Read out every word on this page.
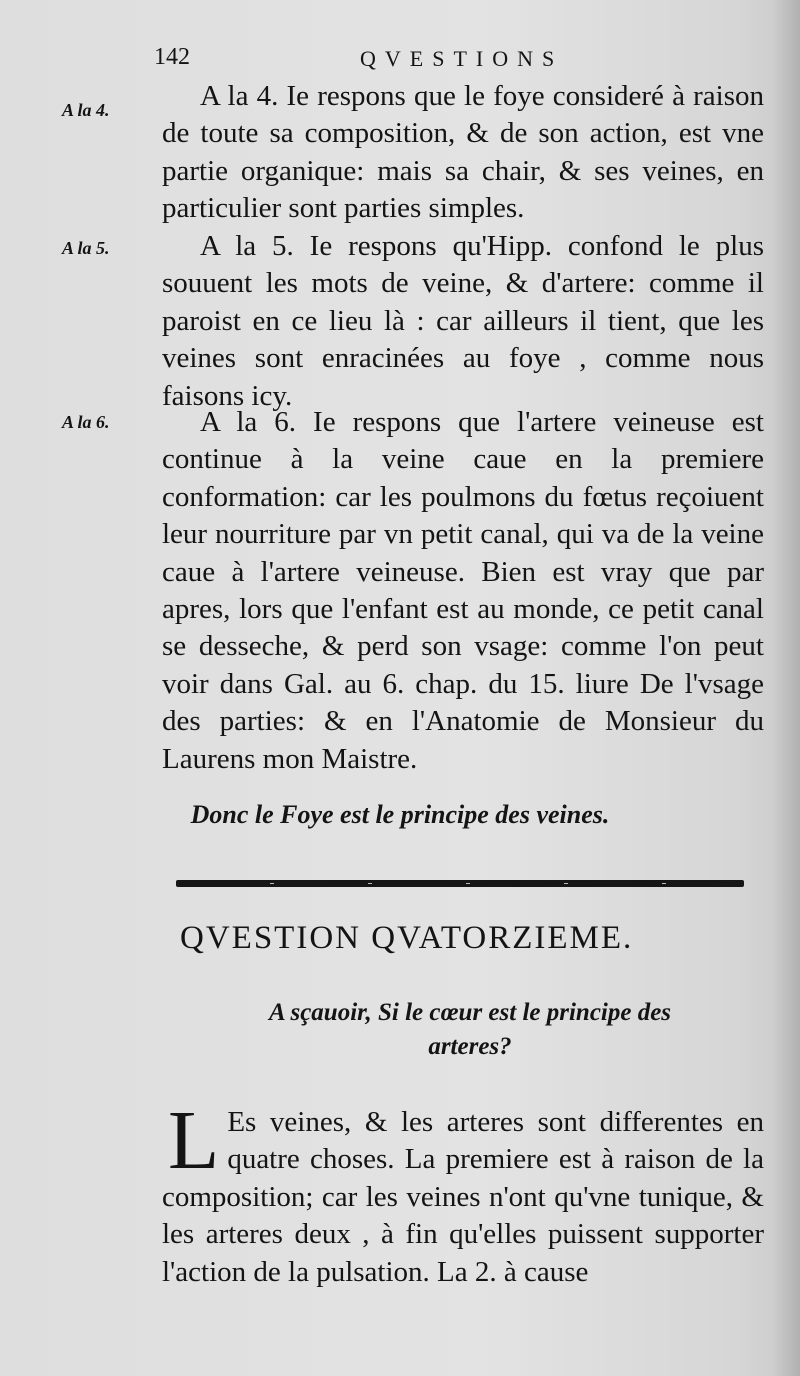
142	QVESTIONS
A la 4.
A la 5.
A la 6.

A la 4. Ie respons que le foye consideré à raison de toute sa composition, & de son action, est vne partie organique: mais sa chair, & ses veines, en particulier sont parties simples.

A la 5. Ie respons qu'Hipp. confond le plus souuent les mots de veine, & d'artere: comme il paroist en ce lieu là : car ailleurs il tient, que les veines sont enracinées au foye , comme nous faisons icy.

A la 6. Ie respons que l'artere veineuse est continue à la veine caue en la premiere conformation: car les poulmons du fœtus reçoiuent leur nourriture par vn petit canal, qui va de la veine caue à l'artere veineuse. Bien est vray que par apres, lors que l'enfant est au monde, ce petit canal se desseche, & perd son vsage: comme l'on peut voir dans Gal. au 6. chap. du 15. liure De l'vsage des parties: & en l'Anatomie de Monsieur du Laurens mon Maistre.

Donc le Foye est le principe des veines.
QVESTION QVATORZIEME.
A sçauoir, Si le cœur est le principe des arteres?

L Es veines, & les arteres sont differentes en quatre choses. La premiere est à raison de la composition; car les veines n'ont qu'vne tunique, & les arteres deux , à fin qu'elles puissent supporter l'action de la pulsation. La 2. à cause
